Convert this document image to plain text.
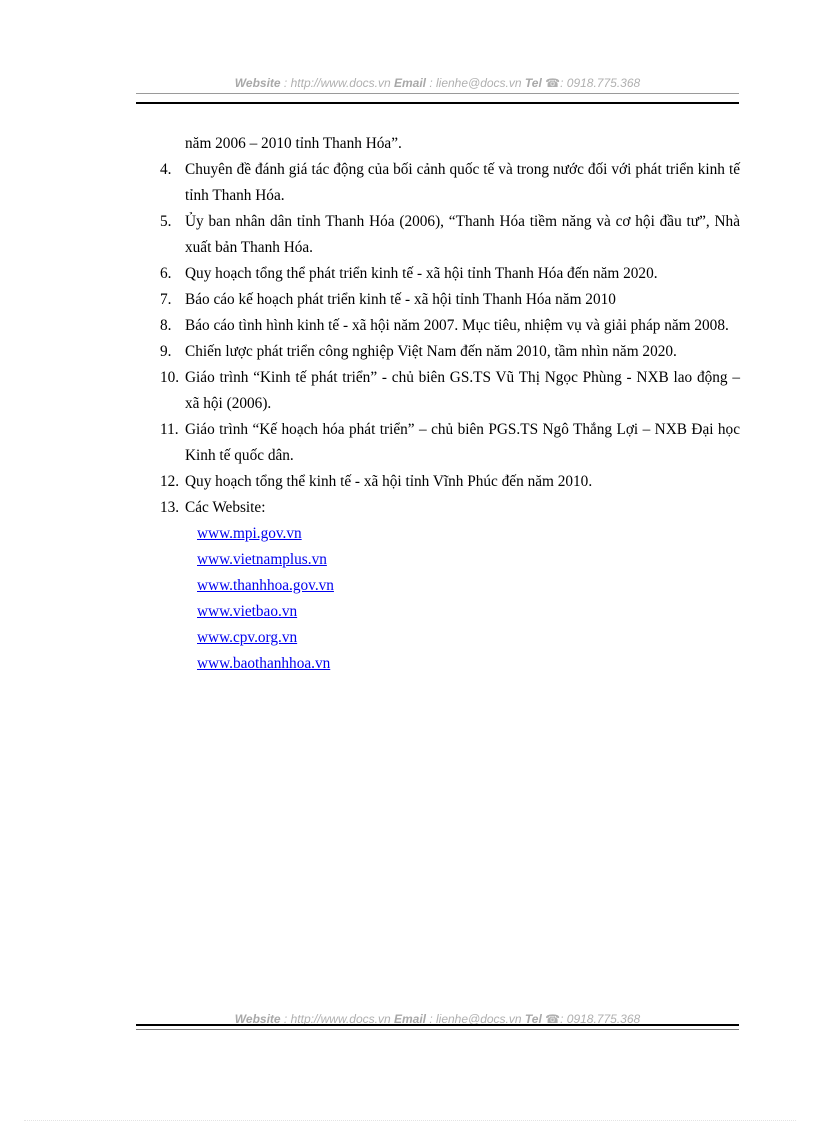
Website : http://www.docs.vn Email : lienhe@docs.vn Tel ☎: 0918.775.368
năm 2006 – 2010 tỉnh Thanh Hóa”.
4. Chuyên đề đánh giá tác động của bối cảnh quốc tế và trong nước đối với phát triển kinh tế tỉnh Thanh Hóa.
5. Ủy ban nhân dân tỉnh Thanh Hóa (2006), “Thanh Hóa tiềm năng và cơ hội đầu tư”, Nhà xuất bản Thanh Hóa.
6. Quy hoạch tổng thể phát triển kinh tế - xã hội tỉnh Thanh Hóa đến năm 2020.
7. Báo cáo kế hoạch phát triển kinh tế - xã hội tỉnh Thanh Hóa năm 2010
8. Báo cáo tình hình kinh tế - xã hội năm 2007. Mục tiêu, nhiệm vụ và giải pháp năm 2008.
9. Chiến lược phát triển công nghiệp Việt Nam đến năm 2010, tầm nhìn năm 2020.
10. Giáo trình “Kinh tế phát triển” - chủ biên GS.TS Vũ Thị Ngọc Phùng - NXB lao động – xã hội (2006).
11. Giáo trình “Kế hoạch hóa phát triển” – chủ biên PGS.TS Ngô Thắng Lợi – NXB Đại học Kinh tế quốc dân.
12. Quy hoạch tổng thể kinh tế - xã hội tỉnh Vĩnh Phúc đến năm 2010.
13. Các Website:
www.mpi.gov.vn
www.vietnamplus.vn
www.thanhhoa.gov.vn
www.vietbao.vn
www.cpv.org.vn
www.baothanhhoa.vn
Website : http://www.docs.vn Email : lienhe@docs.vn Tel ☎: 0918.775.368
